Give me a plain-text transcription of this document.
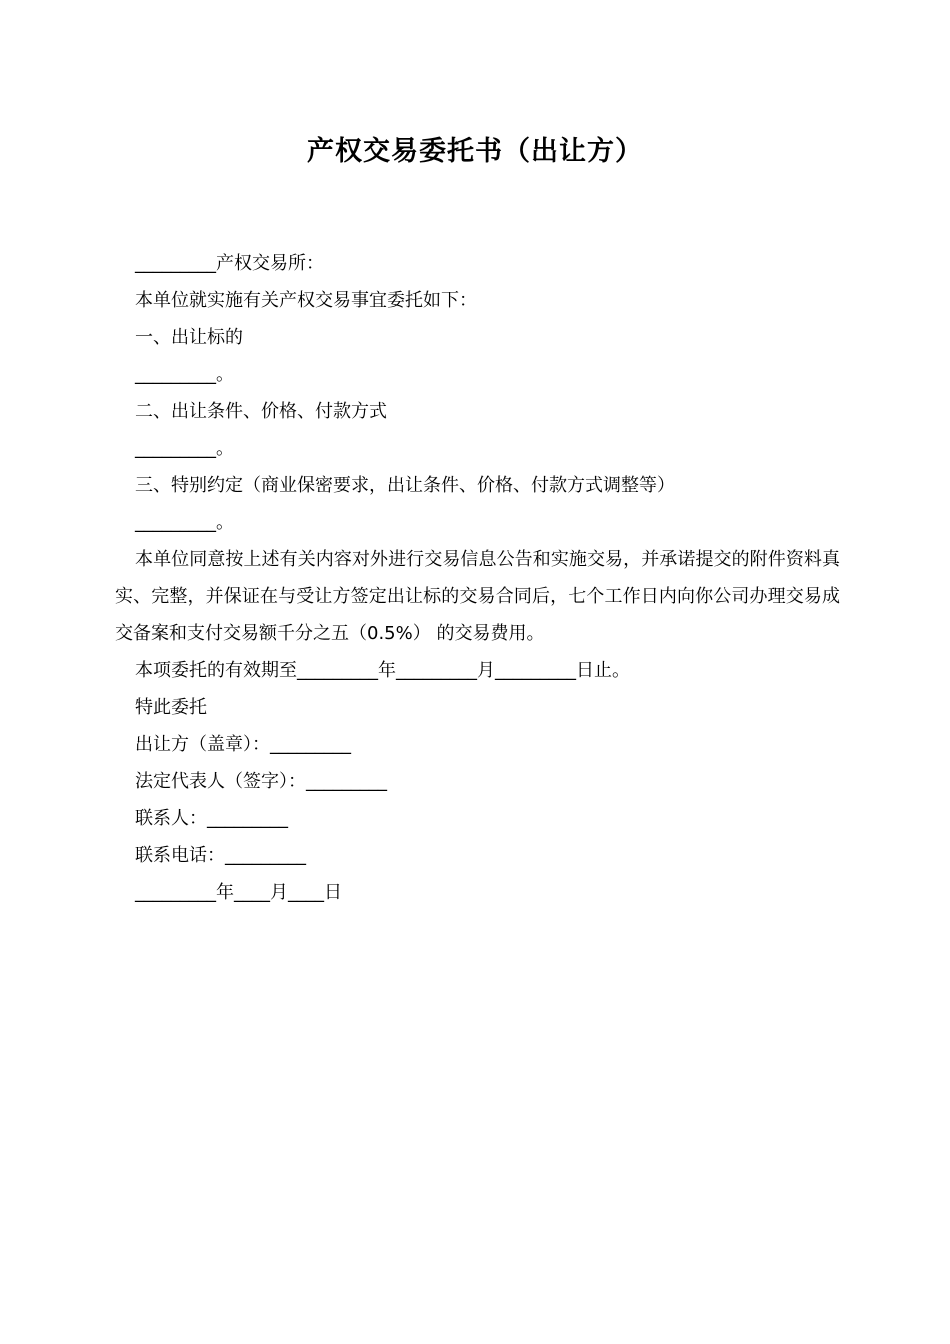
产权交易委托书（出让方）
_________产权交易所：
本单位就实施有关产权交易事宜委托如下：
一、出让标的
_________。
二、出让条件、价格、付款方式
_________。
三、特别约定（商业保密要求，出让条件、价格、付款方式调整等）
_________。
本单位同意按上述有关内容对外进行交易信息公告和实施交易，并承诺提交的附件资料真实、完整，并保证在与受让方签定出让标的交易合同后，七个工作日内向你公司办理交易成交备案和支付交易额千分之五（0.5%） 的交易费用。
本项委托的有效期至_________年_________月_________日止。
特此委托
出让方（盖章）：_________
法定代表人（签字）：_________
联系人：_________
联系电话：_________
_________年____月____日
